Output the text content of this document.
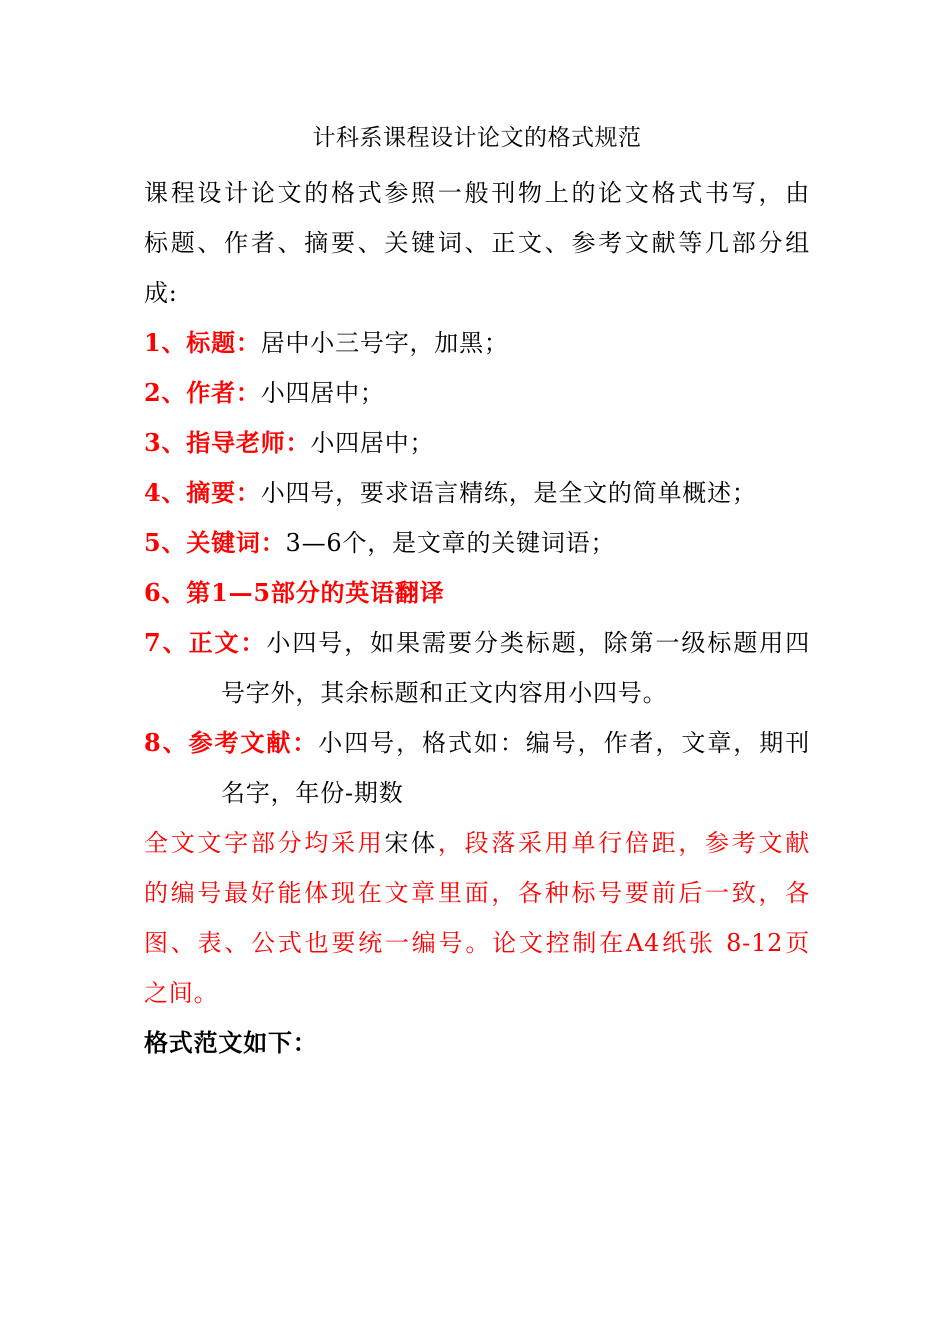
计科系课程设计论文的格式规范
课程设计论文的格式参照一般刊物上的论文格式书写，由
标题、作者、摘要、关键词、正文、参考文献等几部分组
成:
1、标题：居中小三号字，加黑；
2、作者：小四居中；
3、指导老师：小四居中；
4、摘要：小四号，要求语言精练，是全文的简单概述；
5、关键词：3—6个，是文章的关键词语；
6、第1—5部分的英语翻译
7、正文：小四号，如果需要分类标题，除第一级标题用四
号字外，其余标题和正文内容用小四号。
8、参考文献：小四号，格式如：编号，作者，文章，期刊
名字，年份-期数
全文文字部分均采用宋体，段落采用单行倍距，参考文献
的编号最好能体现在文章里面，各种标号要前后一致，各
图、表、公式也要统一编号。论文控制在A4纸张 8-12页
之间。
格式范文如下：
